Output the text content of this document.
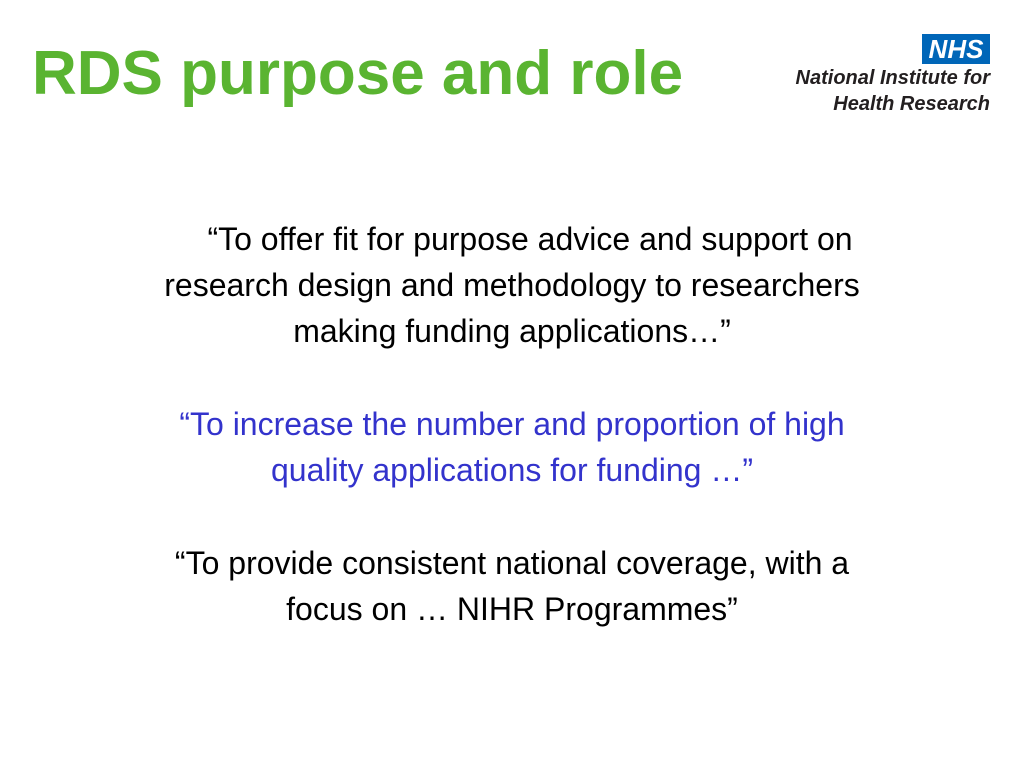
RDS purpose and role	NHS
National Institute for
Health Research

“To offer fit for purpose advice and support on
research design and methodology to researchers
making funding applications…”

“To increase the number and proportion of high
quality applications for funding …”

“To provide consistent national coverage, with a
focus on … NIHR Programmes”
